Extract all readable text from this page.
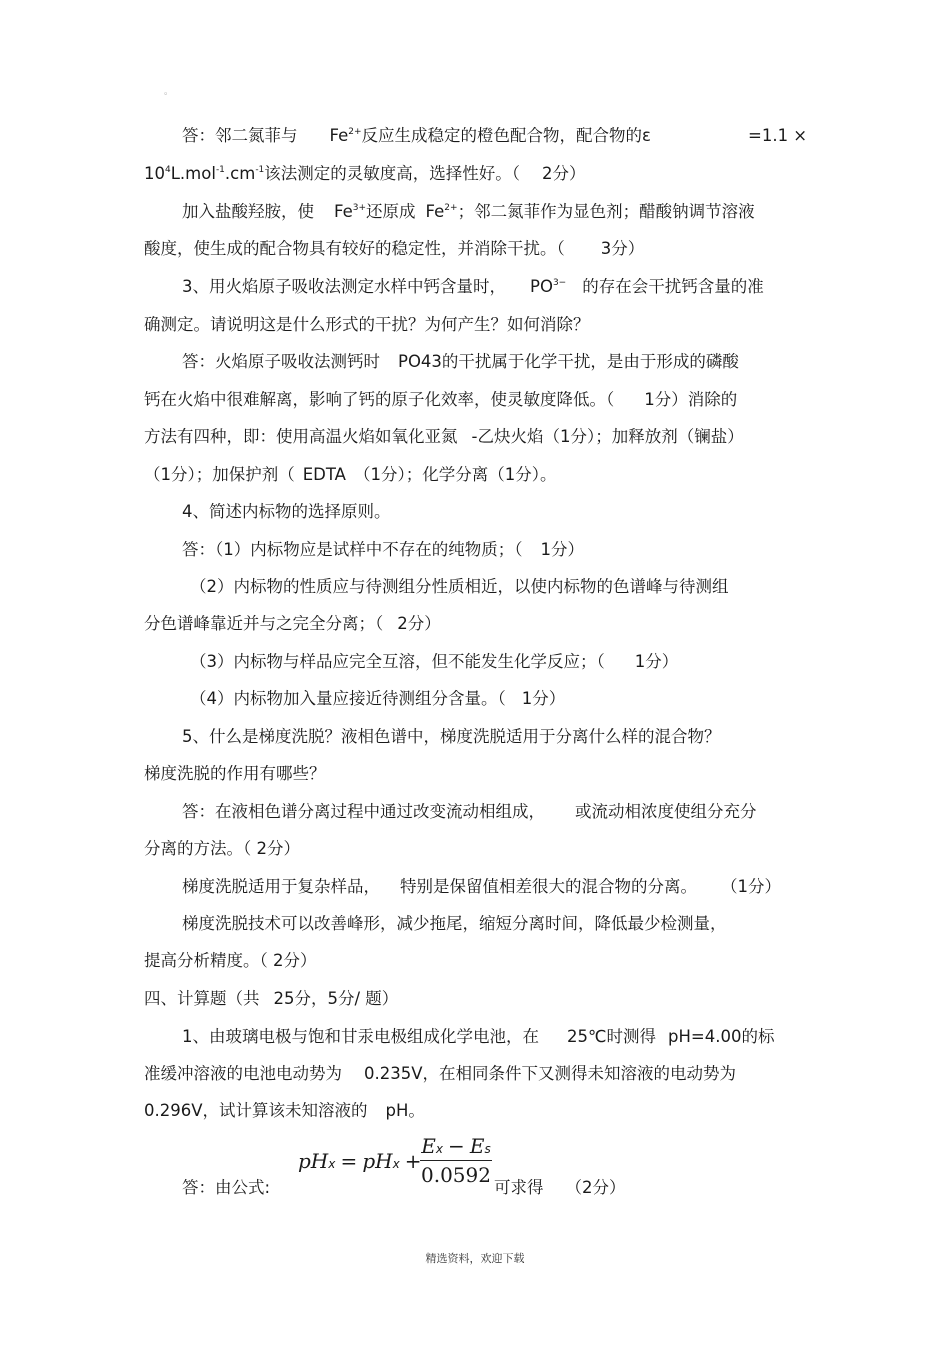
。
答：邻二氮菲与 $Fe^{2+}$反应生成稳定的橙色配合物，配合物的ε	=1.1 ×
$10^4L.mol^{-1}.cm^{-1}$该法测定的灵敏度高，选择性好。（ 2分）
加入盐酸羟胺，使 $Fe^{3+}$还原成 $Fe^{2+}$；邻二氮菲作为显色剂；醋酸钠调节溶液
酸度，使生成的配合物具有较好的稳定性，并消除干扰。（ 3分）
3、用火焰原子吸收法测定水样中钙含量时， $PO^{3-}$ 的存在会干扰钙含量的准
确测定。请说明这是什么形式的干扰？为何产生？如何消除？
答：火焰原子吸收法测钙时 PO43的干扰属于化学干扰，是由于形成的磷酸
钙在火焰中很难解离，影响了钙的原子化效率，使灵敏度降低。（ 1分）消除的
方法有四种，即：使用高温火焰如氧化亚氮 -乙炔火焰（1分）；加释放剂（镧盐）
（1分）；加保护剂（ EDTA （1分）；化学分离（1分）。
4、简述内标物的选择原则。
答：（1）内标物应是试样中不存在的纯物质；（ 1分）
（2）内标物的性质应与待测组分性质相近，以使内标物的色谱峰与待测组
分色谱峰靠近并与之完全分离；（ 2分）
（3）内标物与样品应完全互溶，但不能发生化学反应；（ 1分）
（4）内标物加入量应接近待测组分含量。（ 1分）
5、什么是梯度洗脱？液相色谱中，梯度洗脱适用于分离什么样的混合物？
梯度洗脱的作用有哪些？
答：在液相色谱分离过程中通过改变流动相组成， 或流动相浓度使组分充分
分离的方法。（ 2分）
梯度洗脱适用于复杂样品， 特别是保留值相差很大的混合物的分离。 （1分）
梯度洗脱技术可以改善峰形，减少拖尾，缩短分离时间，降低最少检测量，
提高分析精度。（ 2分）
四、计算题（共 25分，5分/ 题）
1、由玻璃电极与饱和甘汞电极组成化学电池，在 25℃时测得 pH=4.00的标
准缓冲溶液的电池电动势为 0.235V，在相同条件下又测得未知溶液的电动势为
0.296V，试计算该未知溶液的 pH。
pHx = pHx +
Ex − Es
0.0592
答：由公式:	可求得 （2分）
精选资料，欢迎下载
